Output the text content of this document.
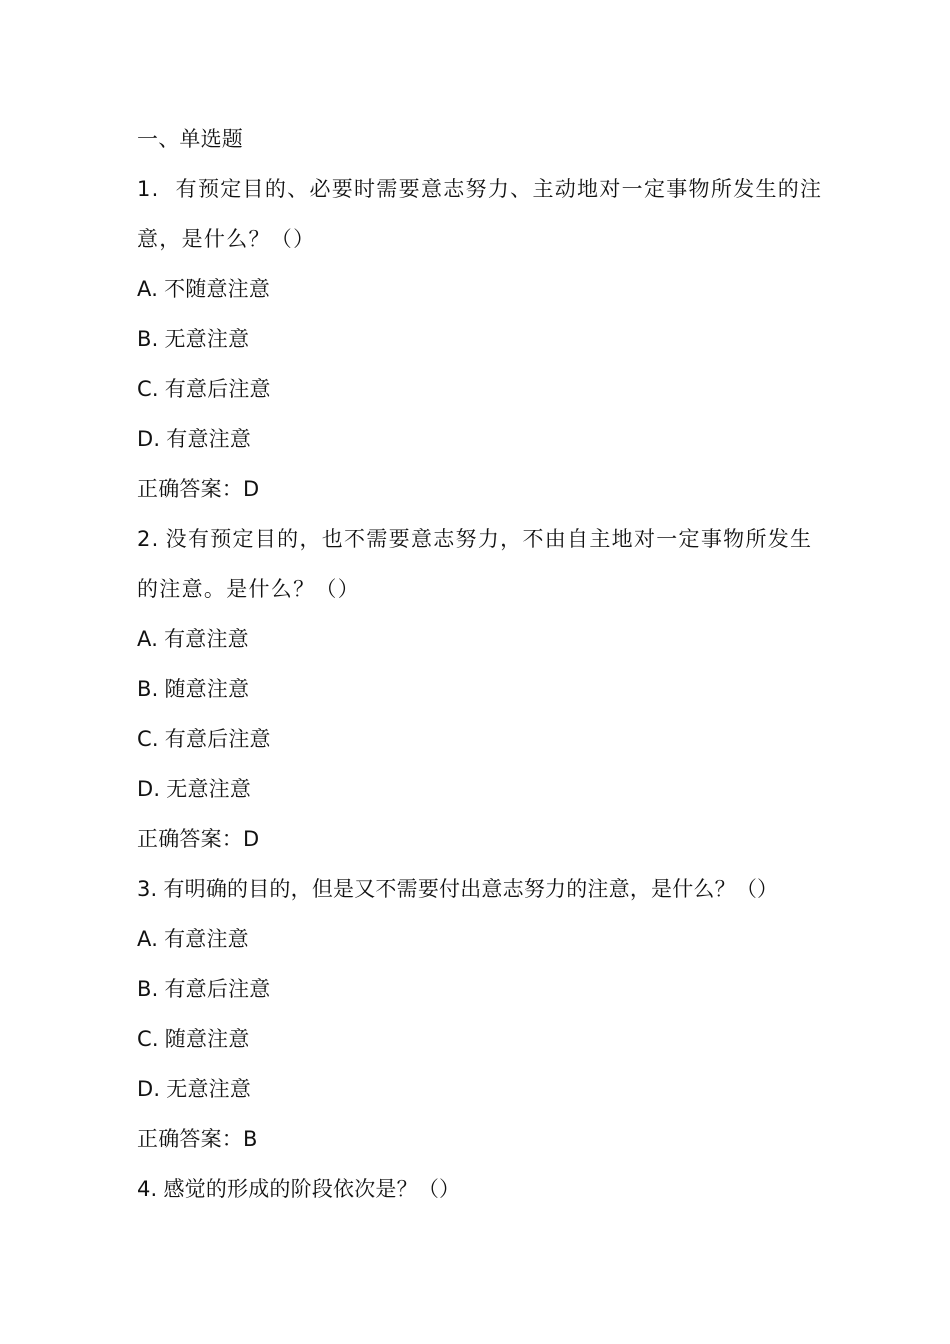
一、单选题
1. 有预定目的、必要时需要意志努力、主动地对一定事物所发生的注意，是什么？（）
A. 不随意注意
B. 无意注意
C. 有意后注意
D. 有意注意
正确答案：D
2. 没有预定目的，也不需要意志努力，不由自主地对一定事物所发生的注意。是什么？（）
A. 有意注意
B. 随意注意
C. 有意后注意
D. 无意注意
正确答案：D
3. 有明确的目的，但是又不需要付出意志努力的注意，是什么？（）
A. 有意注意
B. 有意后注意
C. 随意注意
D. 无意注意
正确答案：B
4. 感觉的形成的阶段依次是？（）
